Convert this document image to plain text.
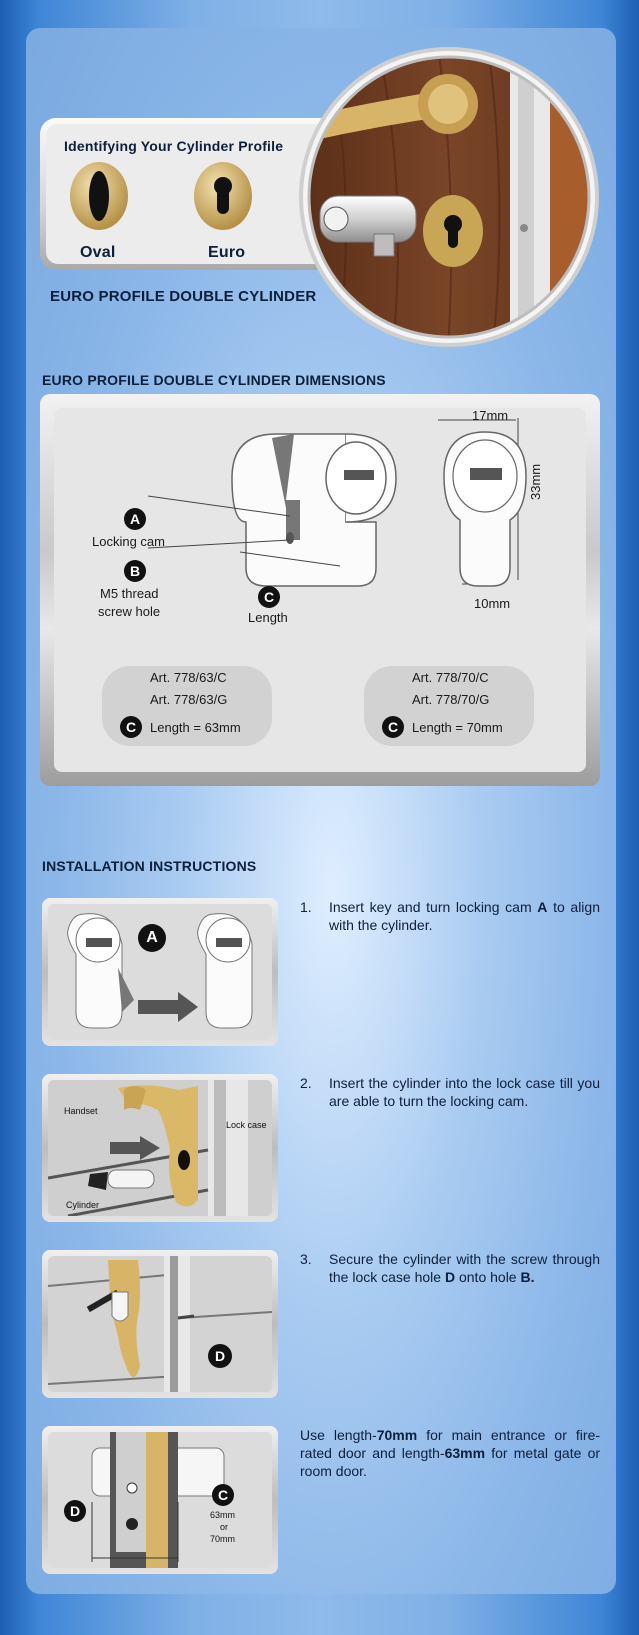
Identifying Your Cylinder Profile
Oval	Euro
EURO PROFILE DOUBLE CYLINDER
EURO PROFILE DOUBLE CYLINDER DIMENSIONS
17mm
33mm
10mm
A
Locking cam
B
M5 thread
screw hole
C
Length
Art. 778/63/C
Art. 778/63/G
C	Length = 63mm
Art. 778/70/C
Art. 778/70/G
C	Length = 70mm
INSTALLATION INSTRUCTIONS
A
1. Insert key and turn locking cam A to align with the cylinder.
Handset
Lock case
Cylinder
2. Insert the cylinder into the lock case till you are able to turn the locking cam.
D
3. Secure the cylinder with the screw through the lock case hole D onto hole B.
D
C
63mm
or
70mm
Use length-70mm for main entrance or fire-rated door and length-63mm for metal gate or room door.
